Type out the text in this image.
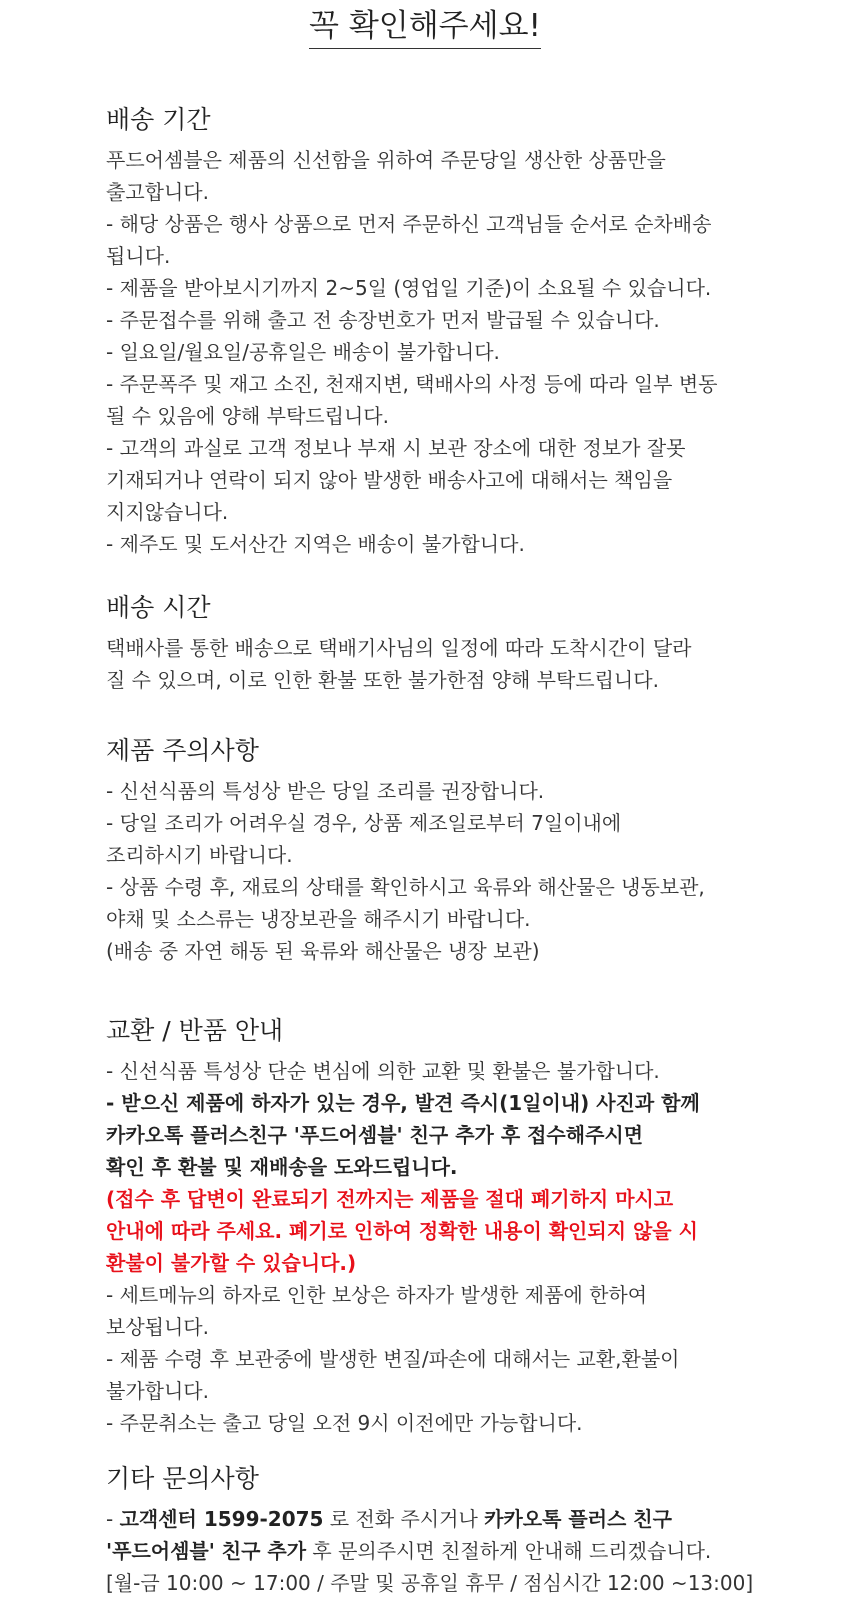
꼭 확인해주세요!
배송 기간
푸드어셈블은 제품의 신선함을 위하여 주문당일 생산한 상품만을
출고합니다.
- 해당 상품은 행사 상품으로 먼저 주문하신 고객님들 순서로 순차배송
됩니다.
- 제품을 받아보시기까지 2~5일 (영업일 기준)이 소요될 수 있습니다.
- 주문접수를 위해 출고 전 송장번호가 먼저 발급될 수 있습니다.
- 일요일/월요일/공휴일은 배송이 불가합니다.
- 주문폭주 및 재고 소진, 천재지변, 택배사의 사정 등에 따라 일부 변동
될 수 있음에 양해 부탁드립니다.
- 고객의 과실로 고객 정보나 부재 시 보관 장소에 대한 정보가 잘못
기재되거나 연락이 되지 않아 발생한 배송사고에 대해서는 책임을
지지않습니다.
- 제주도 및 도서산간 지역은 배송이 불가합니다.
배송 시간
택배사를 통한 배송으로 택배기사님의 일정에 따라 도착시간이 달라
질 수 있으며, 이로 인한 환불 또한 불가한점 양해 부탁드립니다.
제품 주의사항
- 신선식품의 특성상 받은 당일 조리를 권장합니다.
- 당일 조리가 어려우실 경우, 상품 제조일로부터 7일이내에
조리하시기 바랍니다.
- 상품 수령 후, 재료의 상태를 확인하시고 육류와 해산물은 냉동보관,
야채 및 소스류는 냉장보관을 해주시기 바랍니다.
(배송 중 자연 해동 된 육류와 해산물은 냉장 보관)
교환 / 반품 안내
- 신선식품 특성상 단순 변심에 의한 교환 및 환불은 불가합니다.
- 받으신 제품에 하자가 있는 경우, 발견 즉시(1일이내) 사진과 함께
카카오톡 플러스친구 '푸드어셈블' 친구 추가 후 접수해주시면
확인 후 환불 및 재배송을 도와드립니다.
(접수 후 답변이 완료되기 전까지는 제품을 절대 폐기하지 마시고
안내에 따라 주세요. 폐기로 인하여 정확한 내용이 확인되지 않을 시
환불이 불가할 수 있습니다.)
- 세트메뉴의 하자로 인한 보상은 하자가 발생한 제품에 한하여
보상됩니다.
- 제품 수령 후 보관중에 발생한 변질/파손에 대해서는 교환,환불이
불가합니다.
- 주문취소는 출고 당일 오전 9시 이전에만 가능합니다.
기타 문의사항
- 고객센터 1599-2075 로 전화 주시거나 카카오톡 플러스 친구
'푸드어셈블' 친구 추가 후 문의주시면 친절하게 안내해 드리겠습니다.
[월-금 10:00 ~ 17:00 / 주말 및 공휴일 휴무 / 점심시간 12:00 ~13:00]
